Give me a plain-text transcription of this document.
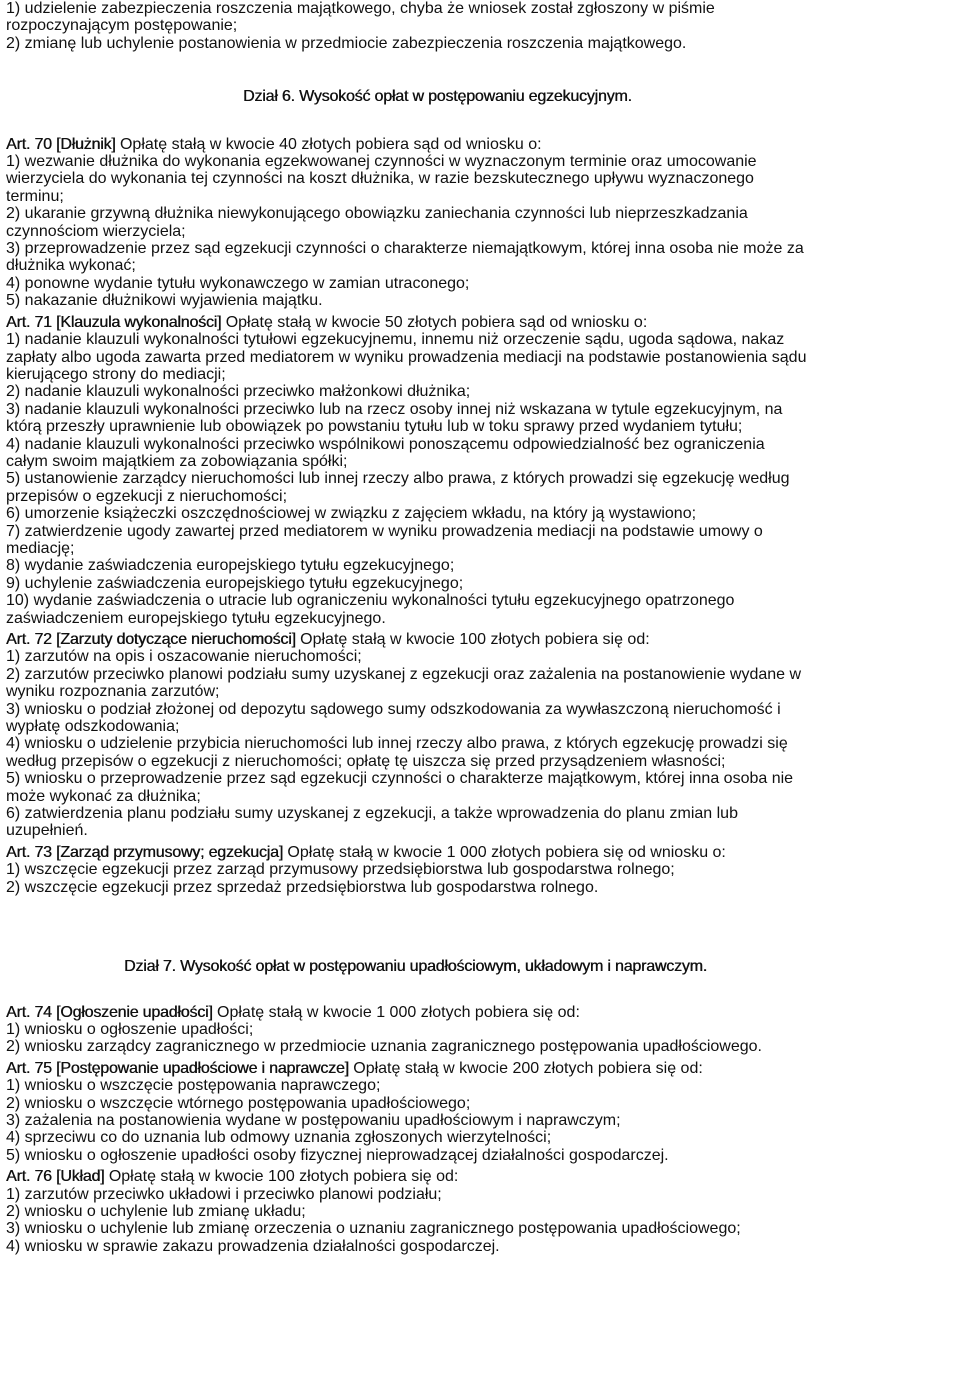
1) udzielenie zabezpieczenia roszczenia majątkowego, chyba że wniosek został zgłoszony w piśmie
rozpoczynającym postępowanie;
2) zmianę lub uchylenie postanowienia w przedmiocie zabezpieczenia roszczenia majątkowego.
Dział 6. Wysokość opłat w postępowaniu egzekucyjnym.
Art. 70 [Dłużnik] Opłatę stałą w kwocie 40 złotych pobiera sąd od wniosku o:
1) wezwanie dłużnika do wykonania egzekwowanej czynności w wyznaczonym terminie oraz umocowanie
wierzyciela do wykonania tej czynności na koszt dłużnika, w razie bezskutecznego upływu wyznaczonego
terminu;
2) ukaranie grzywną dłużnika niewykonującego obowiązku zaniechania czynności lub nieprzeszkadzania
czynnościom wierzyciela;
3) przeprowadzenie przez sąd egzekucji czynności o charakterze niemajątkowym, której inna osoba nie może za
dłużnika wykonać;
4) ponowne wydanie tytułu wykonawczego w zamian utraconego;
5) nakazanie dłużnikowi wyjawienia majątku.
Art. 71 [Klauzula wykonalności] Opłatę stałą w kwocie 50 złotych pobiera sąd od wniosku o:
1) nadanie klauzuli wykonalności tytułowi egzekucyjnemu, innemu niż orzeczenie sądu, ugoda sądowa, nakaz
zapłaty albo ugoda zawarta przed mediatorem w wyniku prowadzenia mediacji na podstawie postanowienia sądu
kierującego strony do mediacji;
2) nadanie klauzuli wykonalności przeciwko małżonkowi dłużnika;
3) nadanie klauzuli wykonalności przeciwko lub na rzecz osoby innej niż wskazana w tytule egzekucyjnym, na
którą przeszły uprawnienie lub obowiązek po powstaniu tytułu lub w toku sprawy przed wydaniem tytułu;
4) nadanie klauzuli wykonalności przeciwko wspólnikowi ponoszącemu odpowiedzialność bez ograniczenia
całym swoim majątkiem za zobowiązania spółki;
5) ustanowienie zarządcy nieruchomości lub innej rzeczy albo prawa, z których prowadzi się egzekucję według
przepisów o egzekucji z nieruchomości;
6) umorzenie książeczki oszczędnościowej w związku z zajęciem wkładu, na który ją wystawiono;
7) zatwierdzenie ugody zawartej przed mediatorem w wyniku prowadzenia mediacji na podstawie umowy o
mediację;
8) wydanie zaświadczenia europejskiego tytułu egzekucyjnego;
9) uchylenie zaświadczenia europejskiego tytułu egzekucyjnego;
10) wydanie zaświadczenia o utracie lub ograniczeniu wykonalności tytułu egzekucyjnego opatrzonego
zaświadczeniem europejskiego tytułu egzekucyjnego.
Art. 72 [Zarzuty dotyczące nieruchomości] Opłatę stałą w kwocie 100 złotych pobiera się od:
1) zarzutów na opis i oszacowanie nieruchomości;
2) zarzutów przeciwko planowi podziału sumy uzyskanej z egzekucji oraz zażalenia na postanowienie wydane w
wyniku rozpoznania zarzutów;
3) wniosku o podział złożonej od depozytu sądowego sumy odszkodowania za wywłaszczoną nieruchomość i
wypłatę odszkodowania;
4) wniosku o udzielenie przybicia nieruchomości lub innej rzeczy albo prawa, z których egzekucję prowadzi się
według przepisów o egzekucji z nieruchomości; opłatę tę uiszcza się przed przysądzeniem własności;
5) wniosku o przeprowadzenie przez sąd egzekucji czynności o charakterze majątkowym, której inna osoba nie
może wykonać za dłużnika;
6) zatwierdzenia planu podziału sumy uzyskanej z egzekucji, a także wprowadzenia do planu zmian lub
uzupełnień.
Art. 73 [Zarząd przymusowy; egzekucja] Opłatę stałą w kwocie 1 000 złotych pobiera się od wniosku o:
1) wszczęcie egzekucji przez zarząd przymusowy przedsiębiorstwa lub gospodarstwa rolnego;
2) wszczęcie egzekucji przez sprzedaż przedsiębiorstwa lub gospodarstwa rolnego.
Dział 7. Wysokość opłat w postępowaniu upadłościowym, układowym i naprawczym.
Art. 74 [Ogłoszenie upadłości] Opłatę stałą w kwocie 1 000 złotych pobiera się od:
1) wniosku o ogłoszenie upadłości;
2) wniosku zarządcy zagranicznego w przedmiocie uznania zagranicznego postępowania upadłościowego.
Art. 75 [Postępowanie upadłościowe i naprawcze] Opłatę stałą w kwocie 200 złotych pobiera się od:
1) wniosku o wszczęcie postępowania naprawczego;
2) wniosku o wszczęcie wtórnego postępowania upadłościowego;
3) zażalenia na postanowienia wydane w postępowaniu upadłościowym i naprawczym;
4) sprzeciwu co do uznania lub odmowy uznania zgłoszonych wierzytelności;
5) wniosku o ogłoszenie upadłości osoby fizycznej nieprowadzącej działalności gospodarczej.
Art. 76 [Układ] Opłatę stałą w kwocie 100 złotych pobiera się od:
1) zarzutów przeciwko układowi i przeciwko planowi podziału;
2) wniosku o uchylenie lub zmianę układu;
3) wniosku o uchylenie lub zmianę orzeczenia o uznaniu zagranicznego postępowania upadłościowego;
4) wniosku w sprawie zakazu prowadzenia działalności gospodarczej.
